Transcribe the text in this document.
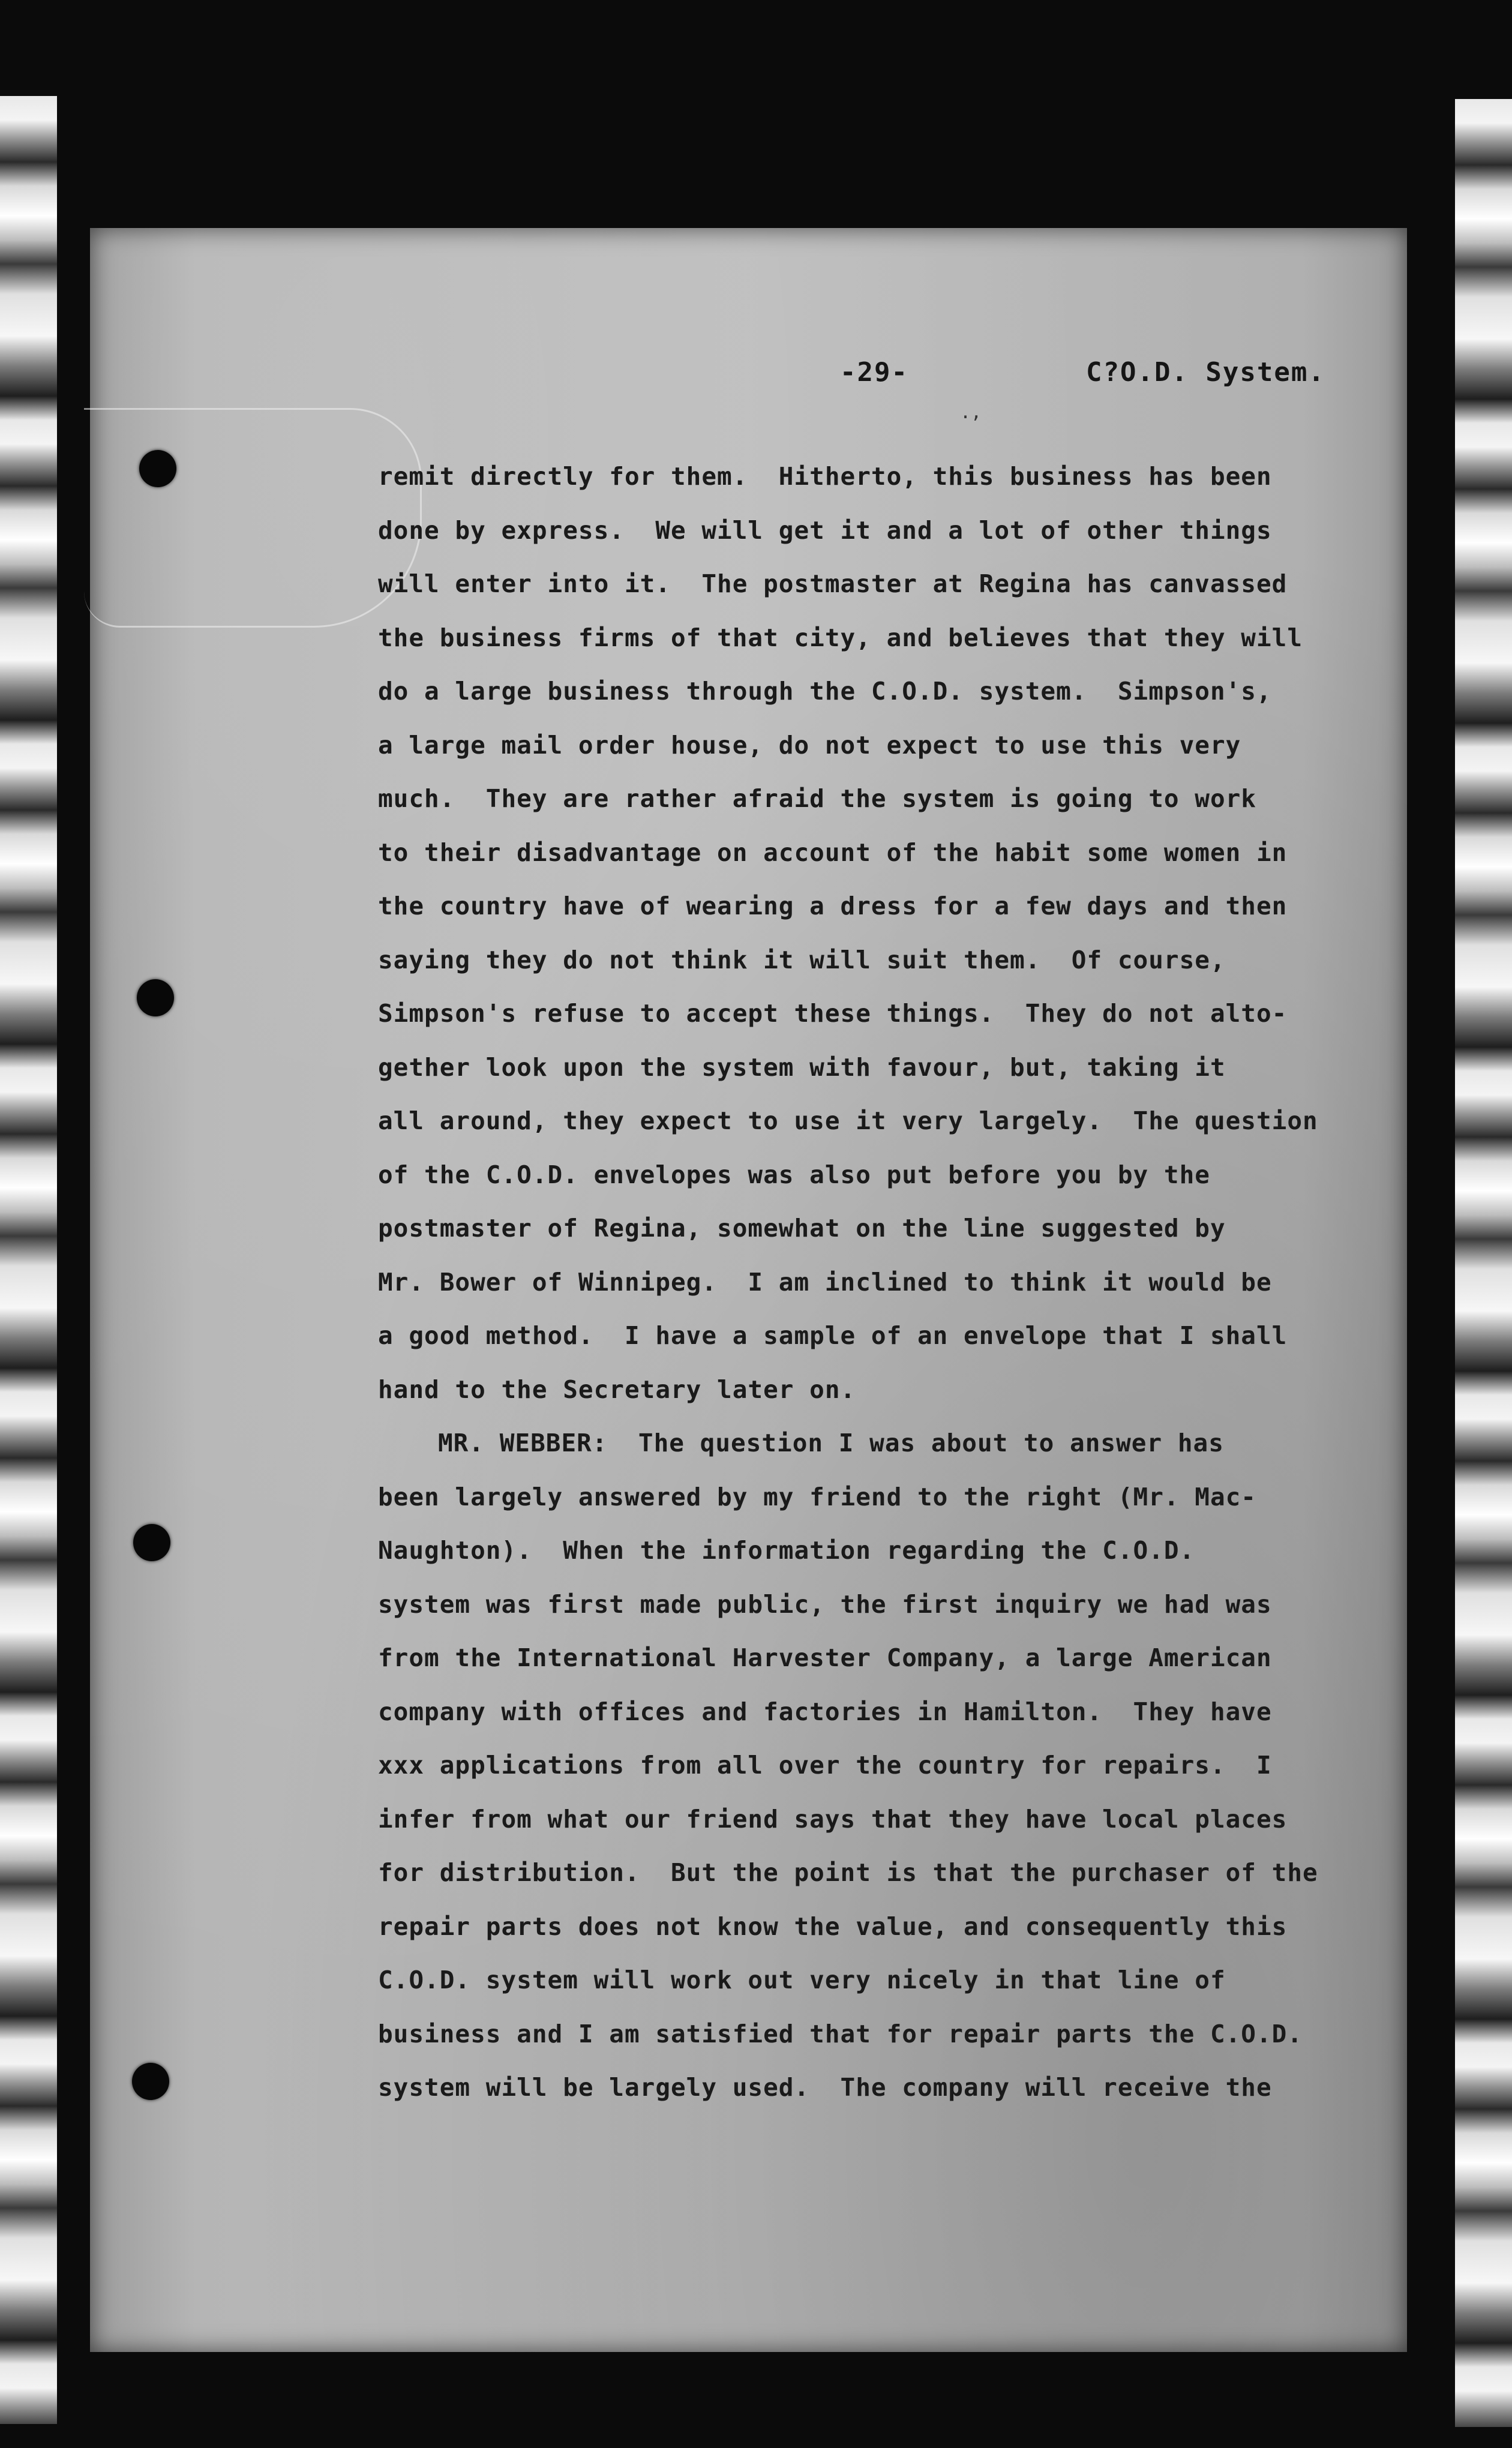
-29-	C?O.D. System.
.,
remit directly for them.  Hitherto, this business has been
done by express.  We will get it and a lot of other things
will enter into it.  The postmaster at Regina has canvassed
the business firms of that city, and believes that they will
do a large business through the C.O.D. system.  Simpson's,
a large mail order house, do not expect to use this very
much.  They are rather afraid the system is going to work
to their disadvantage on account of the habit some women in
the country have of wearing a dress for a few days and then
saying they do not think it will suit them.  Of course,
Simpson's refuse to accept these things.  They do not alto-
gether look upon the system with favour, but, taking it
all around, they expect to use it very largely.  The question
of the C.O.D. envelopes was also put before you by the
postmaster of Regina, somewhat on the line suggested by
Mr. Bower of Winnipeg.  I am inclined to think it would be
a good method.  I have a sample of an envelope that I shall
hand to the Secretary later on.
MR. WEBBER:  The question I was about to answer has
been largely answered by my friend to the right (Mr. Mac-
Naughton).  When the information regarding the C.O.D.
system was first made public, the first inquiry we had was
from the International Harvester Company, a large American
company with offices and factories in Hamilton.  They have
xxx applications from all over the country for repairs.  I
infer from what our friend says that they have local places
for distribution.  But the point is that the purchaser of the
repair parts does not know the value, and consequently this
C.O.D. system will work out very nicely in that line of
business and I am satisfied that for repair parts the C.O.D.
system will be largely used.  The company will receive the
